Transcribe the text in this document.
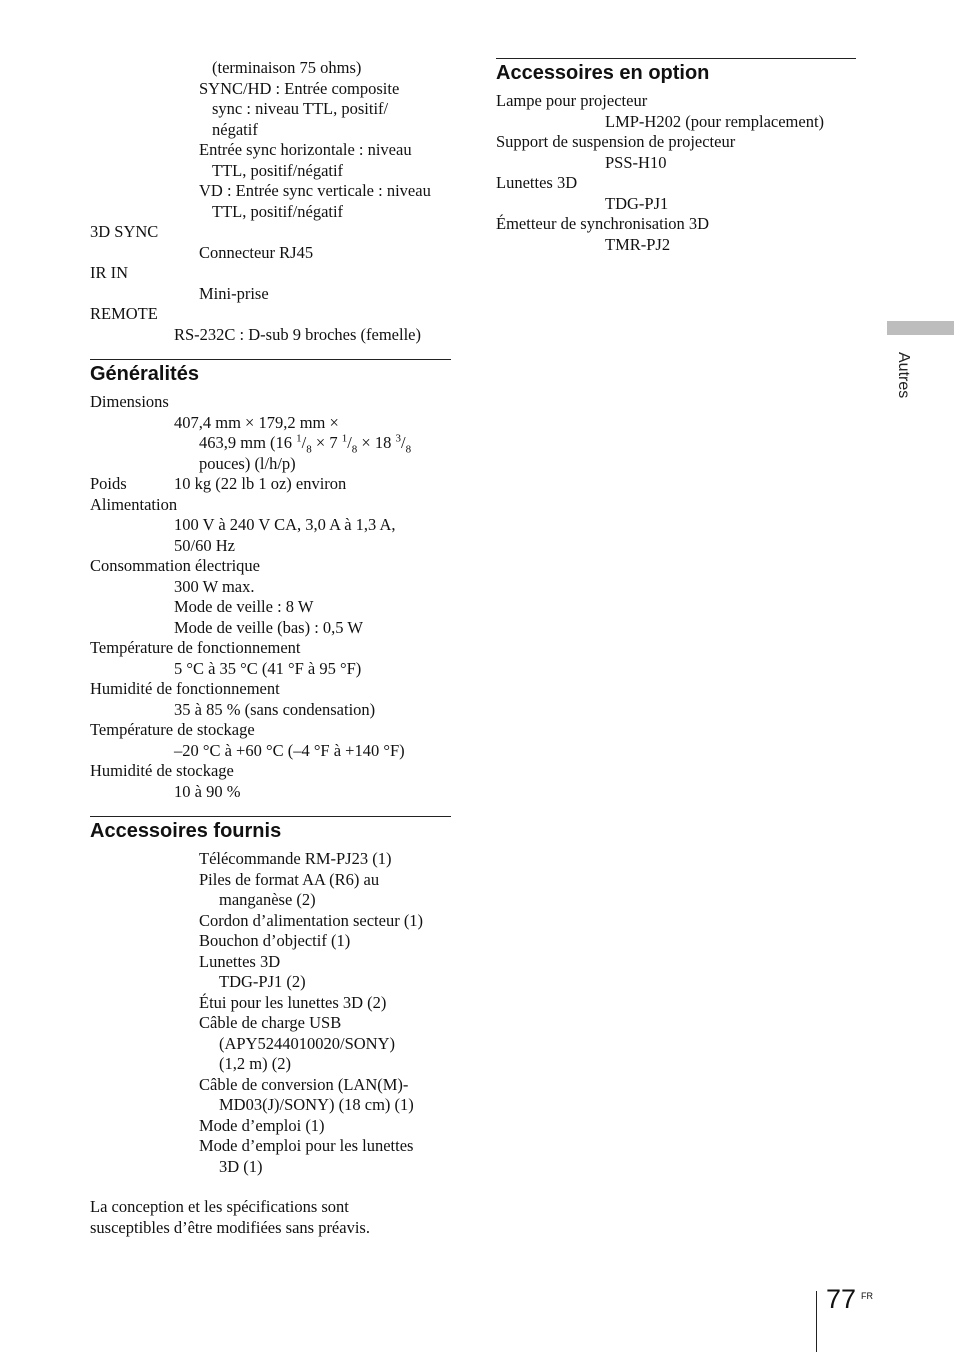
(terminaison 75 ohms)
SYNC/HD : Entrée composite
sync : niveau TTL, positif/
négatif
Entrée sync horizontale : niveau
TTL, positif/négatif
VD : Entrée sync verticale : niveau
TTL, positif/négatif
3D SYNC
Connecteur RJ45
IR IN
Mini-prise
REMOTE
RS-232C : D-sub 9 broches (femelle)
Généralités
Dimensions
407,4 mm × 179,2 mm ×
463,9 mm (16 $^1/_8 \times 7$ $^1/_8 \times 18$ $^3/_8$
pouces) (l/h/p)
Poids	10 kg (22 lb 1 oz) environ
Alimentation
100 V à 240 V CA, 3,0 A à 1,3 A,
50/60 Hz
Consommation électrique
300 W max.
Mode de veille : 8 W
Mode de veille (bas) : 0,5 W
Température de fonctionnement
5 °C à 35 °C (41 °F à 95 °F)
Humidité de fonctionnement
35 à 85 % (sans condensation)
Température de stockage
–20 °C à +60 °C (–4 °F à +140 °F)
Humidité de stockage
10 à 90 %
Accessoires fournis
Télécommande RM-PJ23 (1)
Piles de format AA (R6) au
manganèse (2)
Cordon d’alimentation secteur (1)
Bouchon d’objectif (1)
Lunettes 3D
TDG-PJ1 (2)
Étui pour les lunettes 3D (2)
Câble de charge USB
(APY5244010020/SONY)
(1,2 m) (2)
Câble de conversion (LAN(M)-
MD03(J)/SONY) (18 cm) (1)
Mode d’emploi (1)
Mode d’emploi pour les lunettes
3D (1)
La conception et les spécifications sont
susceptibles d’être modifiées sans préavis.
Accessoires en option
Lampe pour projecteur
LMP-H202 (pour remplacement)
Support de suspension de projecteur
PSS-H10
Lunettes 3D
TDG-PJ1
Émetteur de synchronisation 3D
TMR-PJ2
Autres
77 FR
